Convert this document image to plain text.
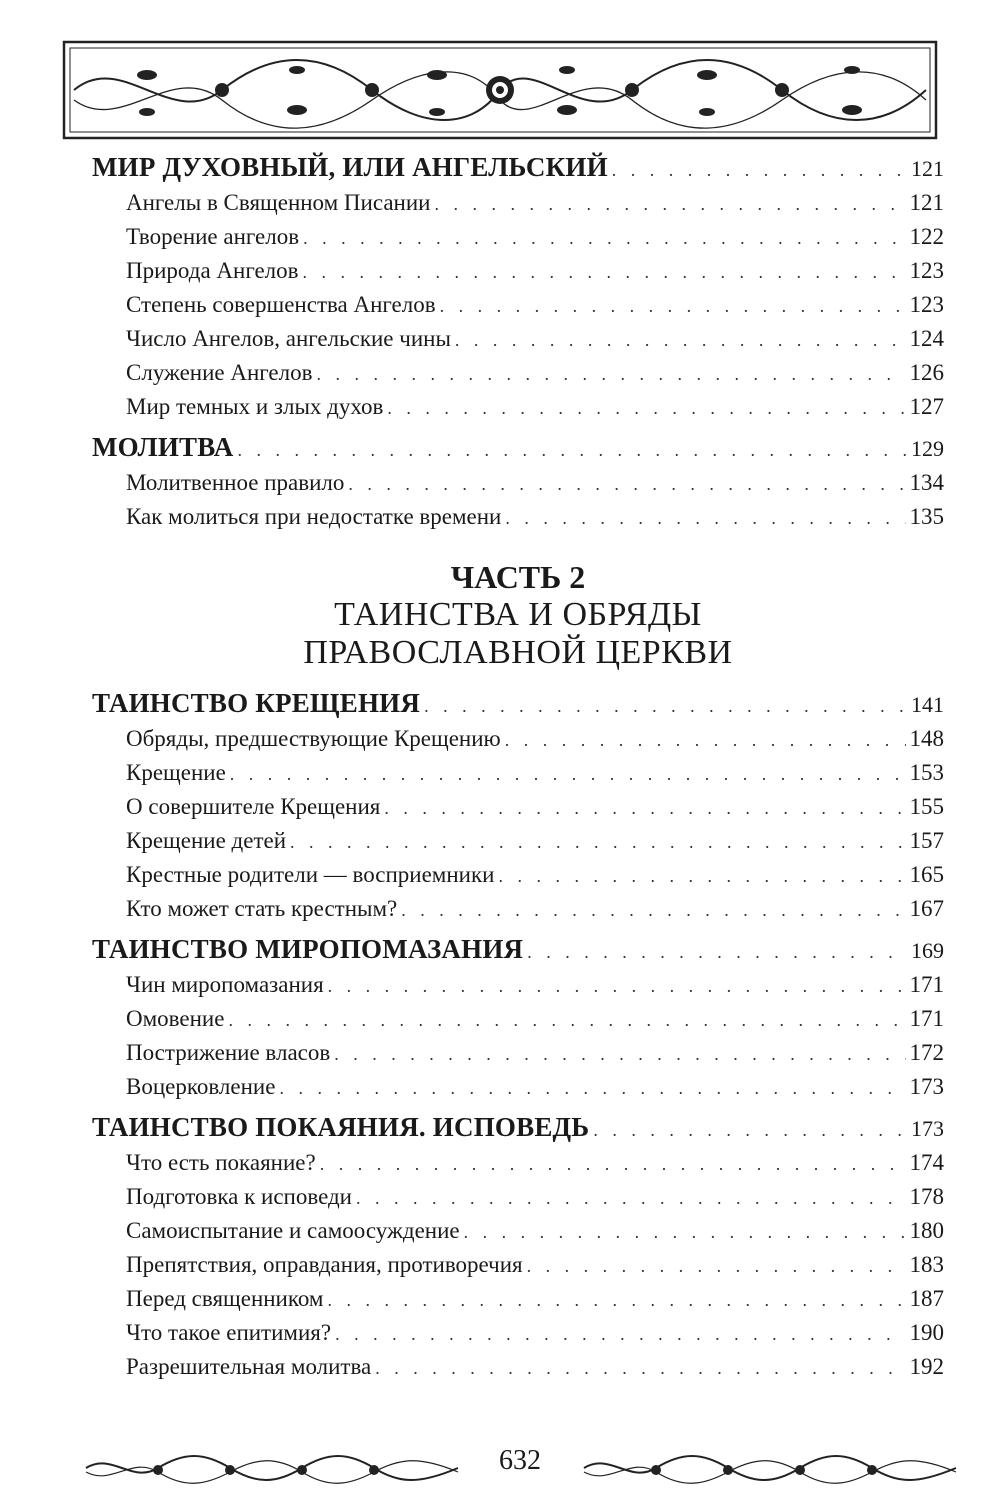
МИР ДУХОВНЫЙ, ИЛИ АНГЕЛЬСКИЙ . . .	121
Ангелы в Священном Писании . . .	121
Творение ангелов . . .	122
Природа Ангелов . . .	123
Степень совершенства Ангелов . . .	123
Число Ангелов, ангельские чины . . .	124
Служение Ангелов . . .	126
Мир темных и злых духов . . .	127
МОЛИТВА . . .	129
Молитвенное правило . . .	134
Как молиться при недостатке времени . . .	135
ЧАСТЬ 2
ТАИНСТВА И ОБРЯДЫ
ПРАВОСЛАВНОЙ ЦЕРКВИ
ТАИНСТВО КРЕЩЕНИЯ . . .	141
Обряды, предшествующие Крещению . . .	148
Крещение . . .	153
О совершителе Крещения . . .	155
Крещение детей . . .	157
Крестные родители — восприемники . . .	165
Кто может стать крестным? . . .	167
ТАИНСТВО МИРОПОМАЗАНИЯ . . .	169
Чин миропомазания . . .	171
Омовение . . .	171
Пострижение власов . . .	172
Воцерковление . . .	173
ТАИНСТВО ПОКАЯНИЯ. ИСПОВЕДЬ . . .	173
Что есть покаяние? . . .	174
Подготовка к исповеди . . .	178
Самоиспытание и самоосуждение . . .	180
Препятствия, оправдания, противоречия . . .	183
Перед священником . . .	187
Что такое епитимия? . . .	190
Разрешительная молитва . . .	192
632
